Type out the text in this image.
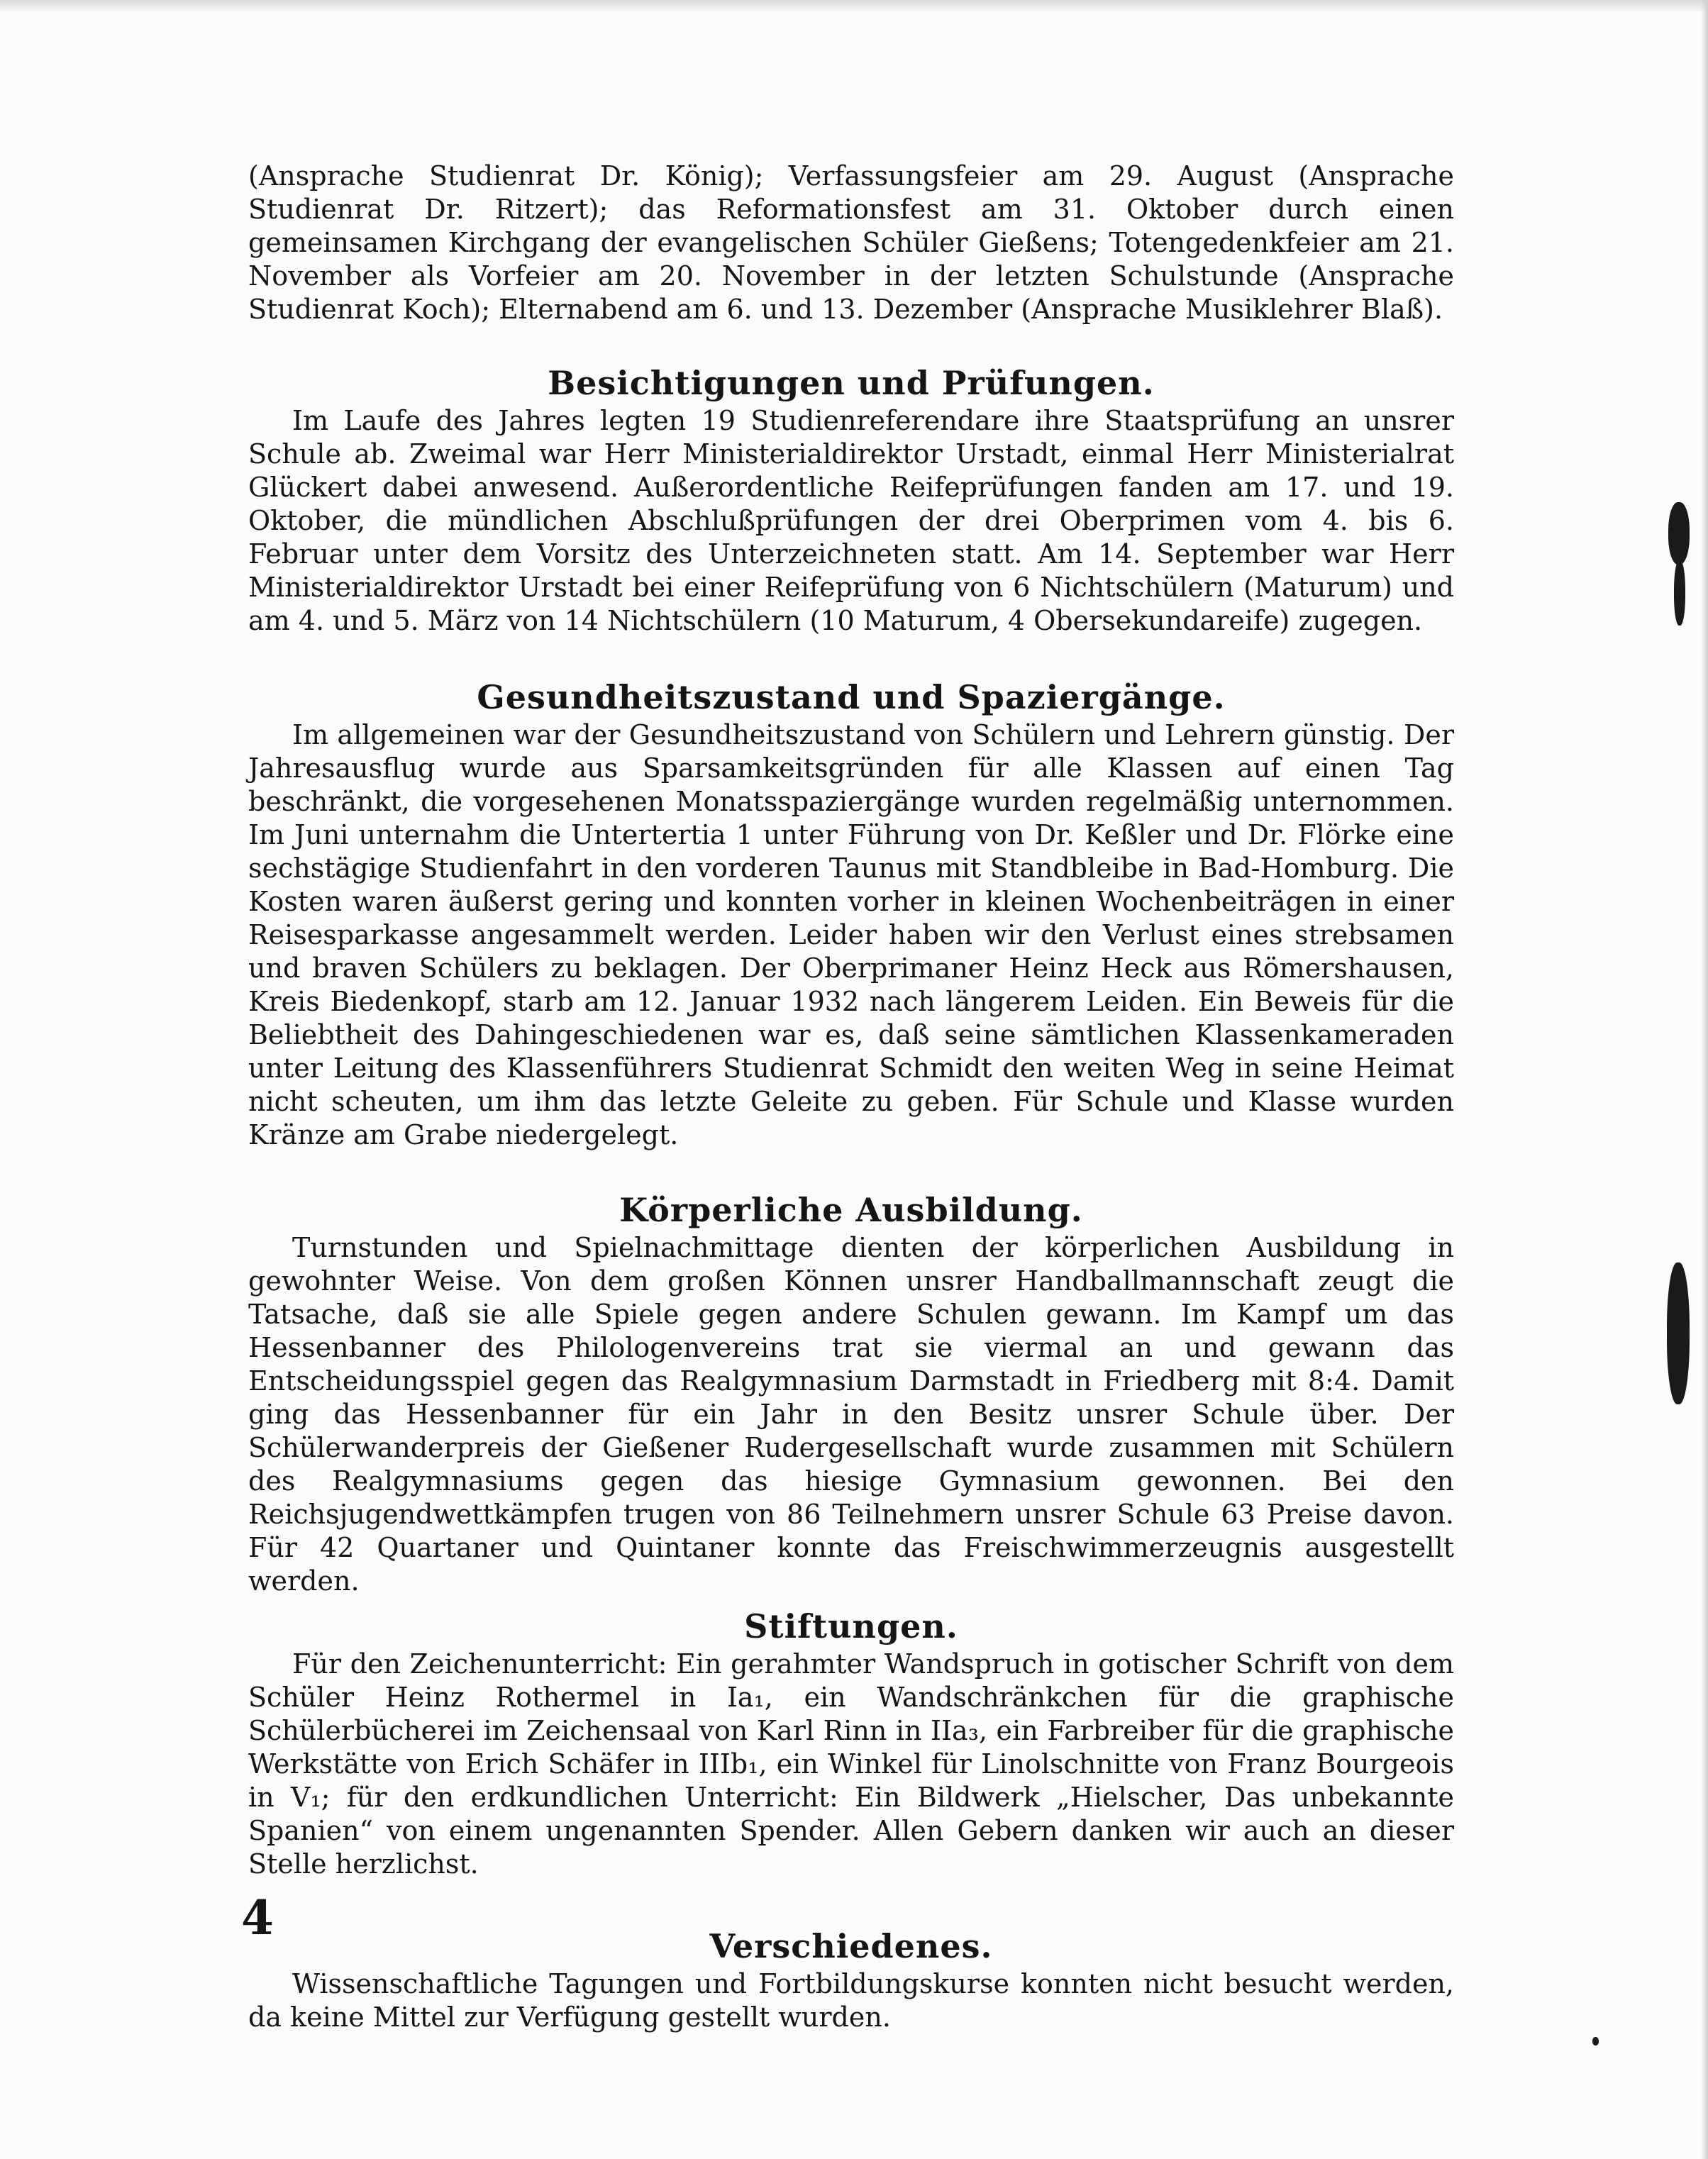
(Ansprache Studienrat Dr. König); Verfassungsfeier am 29. August (Ansprache Studienrat Dr. Ritzert); das Reformationsfest am 31. Oktober durch einen gemeinsamen Kirchgang der evangelischen Schüler Gießens; Totengedenkfeier am 21. November als Vorfeier am 20. November in der letzten Schulstunde (Ansprache Studienrat Koch); Elternabend am 6. und 13. Dezember (Ansprache Musiklehrer Blaß).

Besichtigungen und Prüfungen.

Im Laufe des Jahres legten 19 Studienreferendare ihre Staatsprüfung an unsrer Schule ab. Zweimal war Herr Ministerialdirektor Urstadt, einmal Herr Ministerialrat Glückert dabei anwesend. Außerordentliche Reifeprüfungen fanden am 17. und 19. Oktober, die mündlichen Abschlußprüfungen der drei Oberprimen vom 4. bis 6. Februar unter dem Vorsitz des Unterzeichneten statt. Am 14. September war Herr Ministerialdirektor Urstadt bei einer Reifeprüfung von 6 Nichtschülern (Maturum) und am 4. und 5. März von 14 Nichtschülern (10 Maturum, 4 Obersekundareife) zugegen.

Gesundheitszustand und Spaziergänge.

Im allgemeinen war der Gesundheitszustand von Schülern und Lehrern günstig. Der Jahresausflug wurde aus Sparsamkeitsgründen für alle Klassen auf einen Tag beschränkt, die vorgesehenen Monatsspaziergänge wurden regelmäßig unternommen. Im Juni unternahm die Untertertia 1 unter Führung von Dr. Keßler und Dr. Flörke eine sechstägige Studienfahrt in den vorderen Taunus mit Standbleibe in Bad-Homburg. Die Kosten waren äußerst gering und konnten vorher in kleinen Wochenbeiträgen in einer Reisesparkasse angesammelt werden. Leider haben wir den Verlust eines strebsamen und braven Schülers zu beklagen. Der Oberprimaner Heinz Heck aus Römershausen, Kreis Biedenkopf, starb am 12. Januar 1932 nach längerem Leiden. Ein Beweis für die Beliebtheit des Dahingeschiedenen war es, daß seine sämtlichen Klassenkameraden unter Leitung des Klassenführers Studienrat Schmidt den weiten Weg in seine Heimat nicht scheuten, um ihm das letzte Geleite zu geben. Für Schule und Klasse wurden Kränze am Grabe niedergelegt.

Körperliche Ausbildung.

Turnstunden und Spielnachmittage dienten der körperlichen Ausbildung in gewohnter Weise. Von dem großen Können unsrer Handballmannschaft zeugt die Tatsache, daß sie alle Spiele gegen andere Schulen gewann. Im Kampf um das Hessenbanner des Philologenvereins trat sie viermal an und gewann das Entscheidungsspiel gegen das Realgymnasium Darmstadt in Friedberg mit 8:4. Damit ging das Hessenbanner für ein Jahr in den Besitz unsrer Schule über. Der Schülerwanderpreis der Gießener Rudergesellschaft wurde zusammen mit Schülern des Realgymnasiums gegen das hiesige Gymnasium gewonnen. Bei den Reichsjugendwettkämpfen trugen von 86 Teilnehmern unsrer Schule 63 Preise davon. Für 42 Quartaner und Quintaner konnte das Freischwimmerzeugnis ausgestellt werden.

Stiftungen.

Für den Zeichenunterricht: Ein gerahmter Wandspruch in gotischer Schrift von dem Schüler Heinz Rothermel in Ia₁, ein Wandschränkchen für die graphische Schülerbücherei im Zeichensaal von Karl Rinn in IIa₃, ein Farbreiber für die graphische Werkstätte von Erich Schäfer in IIIb₁, ein Winkel für Linolschnitte von Franz Bourgeois in V₁; für den erdkundlichen Unterricht: Ein Bildwerk „Hielscher, Das unbekannte Spanien“ von einem ungenannten Spender. Allen Gebern danken wir auch an dieser Stelle herzlichst.

Verschiedenes.

Wissenschaftliche Tagungen und Fortbildungskurse konnten nicht besucht werden, da keine Mittel zur Verfügung gestellt wurden.

4
